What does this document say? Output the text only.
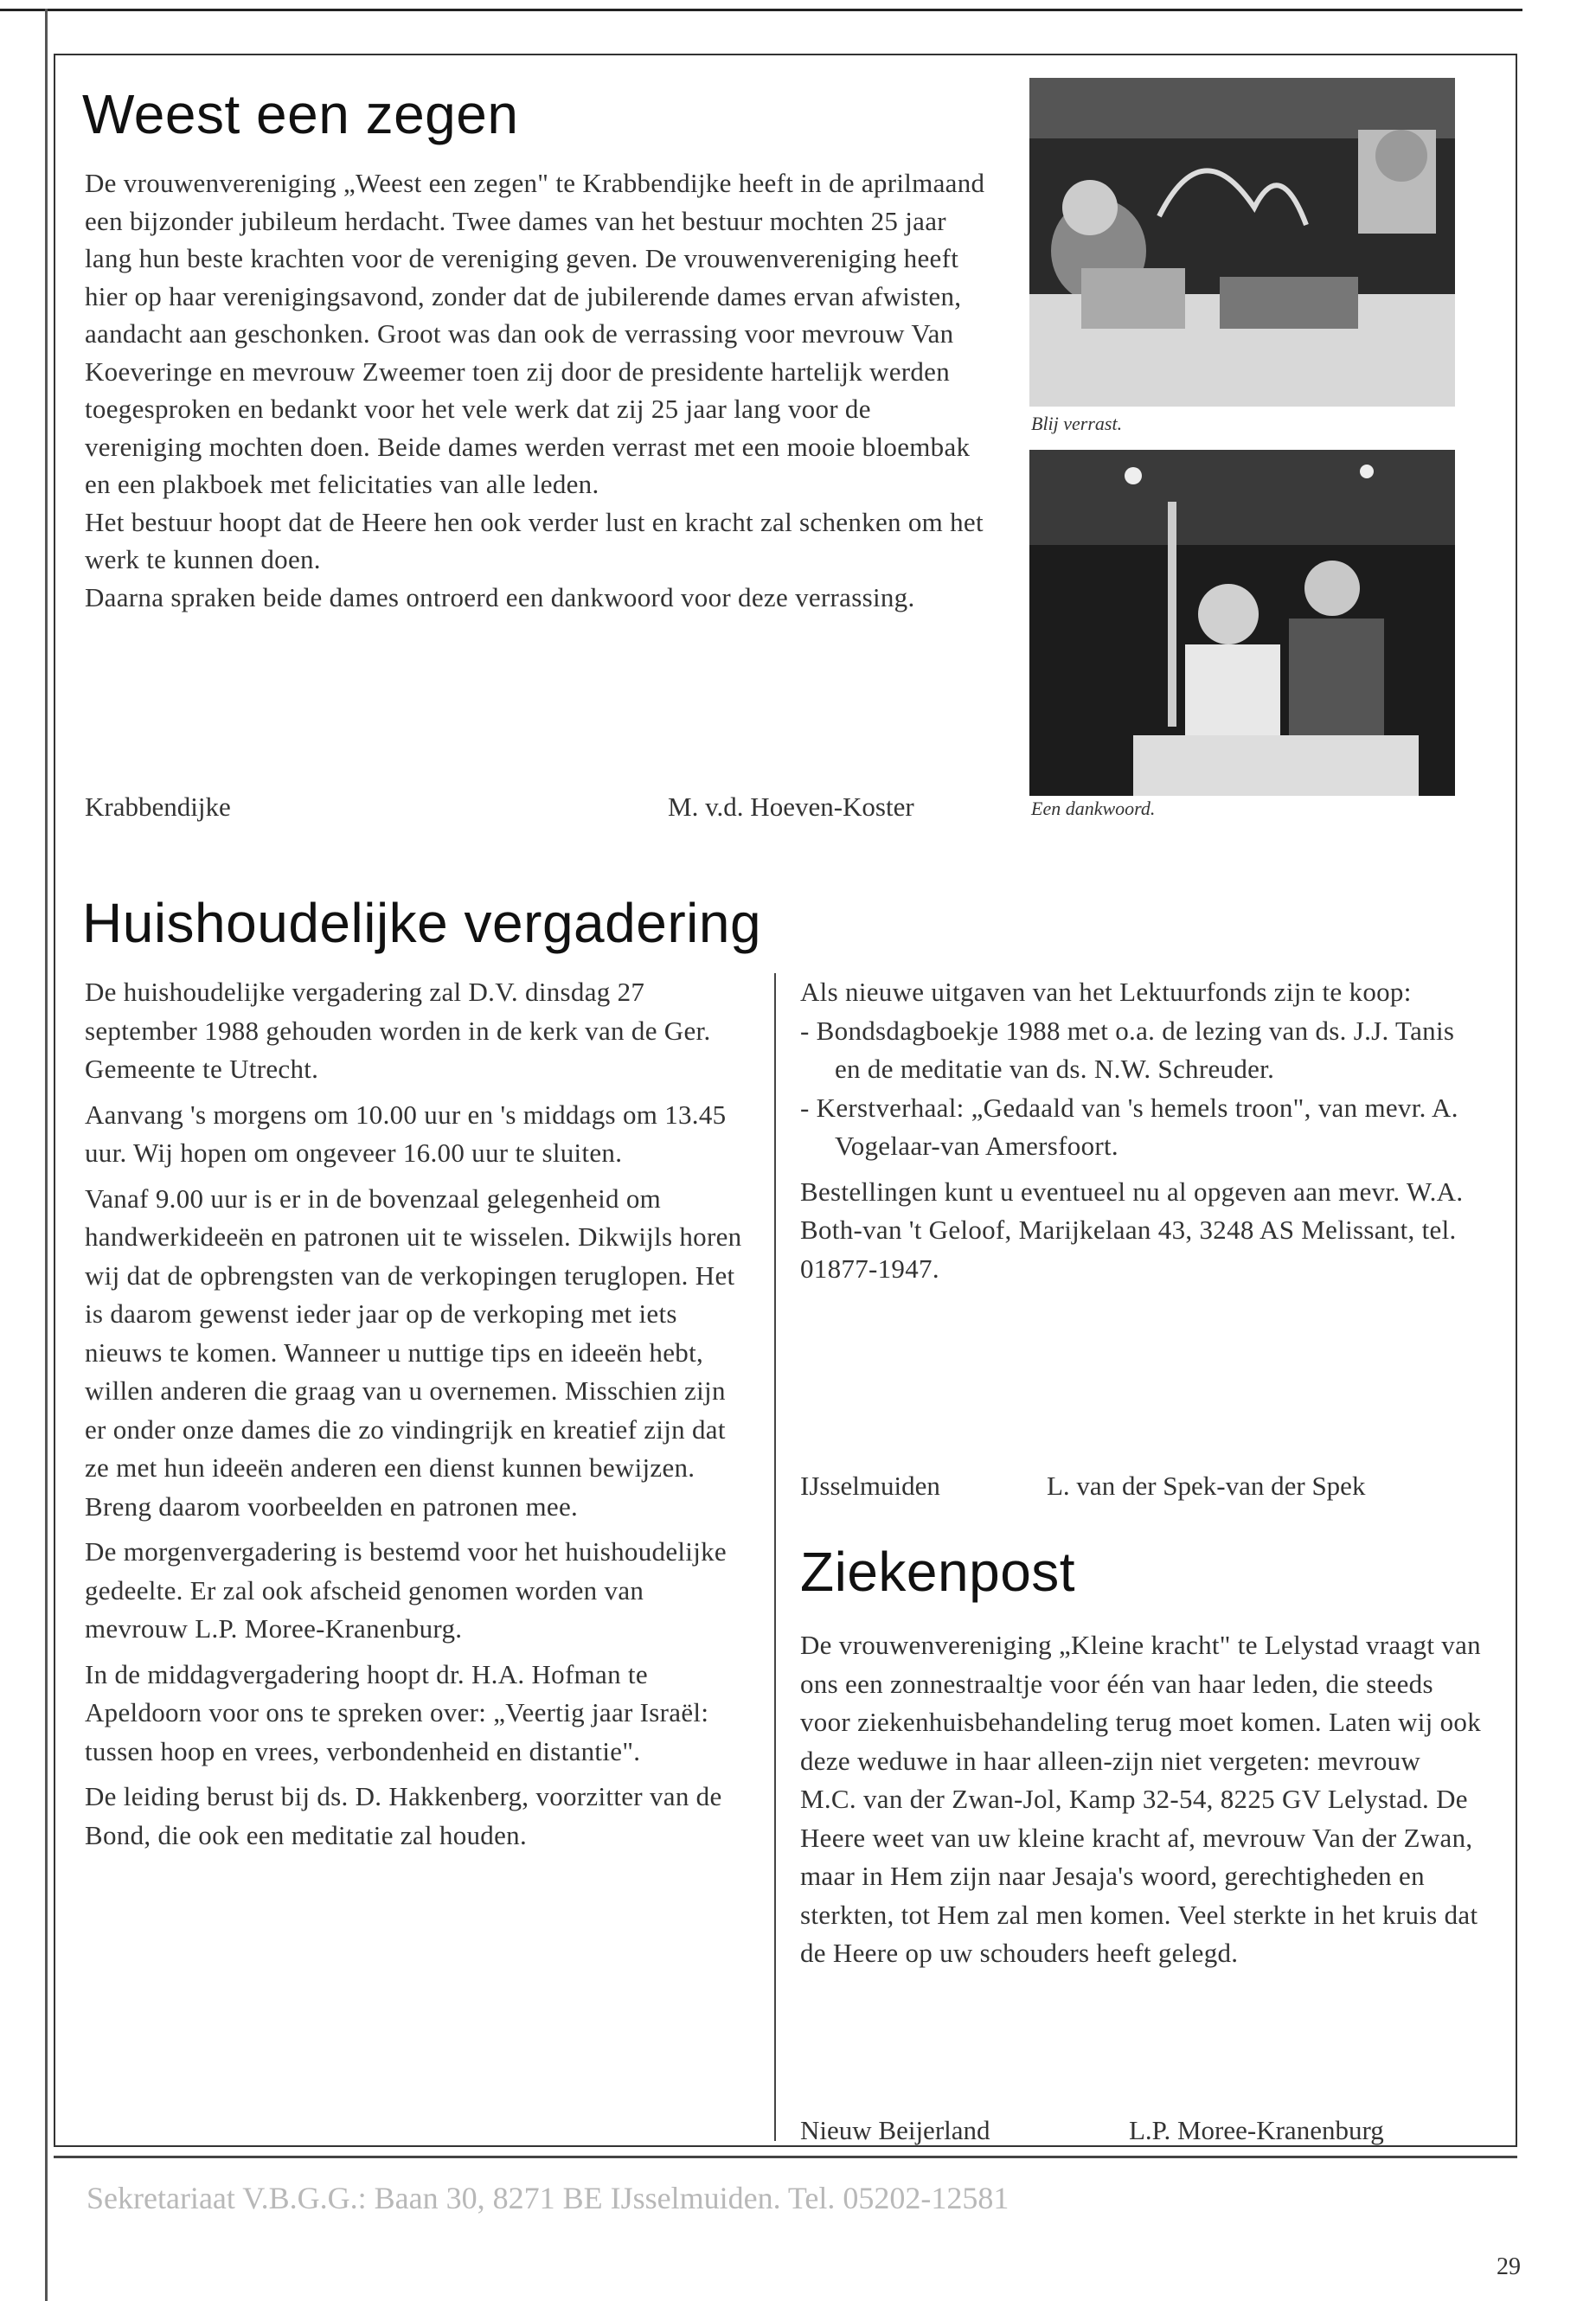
Weest een zegen

De vrouwenvereniging „Weest een zegen" te Krabbendijke heeft in de aprilmaand een bijzonder jubileum herdacht. Twee dames van het bestuur mochten 25 jaar lang hun beste krachten voor de vereniging geven. De vrouwenvereniging heeft hier op haar verenigingsavond, zonder dat de jubilerende dames ervan afwisten, aandacht aan geschonken. Groot was dan ook de verrassing voor mevrouw Van Koeveringe en mevrouw Zweemer toen zij door de presidente hartelijk werden toegesproken en bedankt voor het vele werk dat zij 25 jaar lang voor de vereniging mochten doen. Beide dames werden verrast met een mooie bloembak en een plakboek met felicitaties van alle leden.

Het bestuur hoopt dat de Heere hen ook verder lust en kracht zal schenken om het werk te kunnen doen.

Daarna spraken beide dames ontroerd een dankwoord voor deze verrassing.

Krabbendijke	M. v.d. Hoeven-Koster
Blij verrast.
Een dankwoord.
Huishoudelijke vergadering

De huishoudelijke vergadering zal D.V. dinsdag 27 september 1988 gehouden worden in de kerk van de Ger. Gemeente te Utrecht.

Aanvang 's morgens om 10.00 uur en 's middags om 13.45 uur. Wij hopen om ongeveer 16.00 uur te sluiten.

Vanaf 9.00 uur is er in de bovenzaal gelegenheid om handwerkideeën en patronen uit te wisselen. Dikwijls horen wij dat de opbrengsten van de verkopingen teruglopen. Het is daarom gewenst ieder jaar op de verkoping met iets nieuws te komen. Wanneer u nuttige tips en ideeën hebt, willen anderen die graag van u overnemen. Misschien zijn er onder onze dames die zo vindingrijk en kreatief zijn dat ze met hun ideeën anderen een dienst kunnen bewijzen. Breng daarom voorbeelden en patronen mee.

De morgenvergadering is bestemd voor het huishoudelijke gedeelte. Er zal ook afscheid genomen worden van mevrouw L.P. Moree-Kranenburg.

In de middagvergadering hoopt dr. H.A. Hofman te Apeldoorn voor ons te spreken over: „Veertig jaar Israël: tussen hoop en vrees, verbondenheid en distantie".

De leiding berust bij ds. D. Hakkenberg, voorzitter van de Bond, die ook een meditatie zal houden.

Als nieuwe uitgaven van het Lektuurfonds zijn te koop:

- Bondsdagboekje 1988 met o.a. de lezing van ds. J.J. Tanis en de meditatie van ds. N.W. Schreuder.

- Kerstverhaal: „Gedaald van 's hemels troon", van mevr. A. Vogelaar-van Amersfoort.

Bestellingen kunt u eventueel nu al opgeven aan mevr. W.A. Both-van 't Geloof, Marijkelaan 43, 3248 AS Melissant, tel. 01877-1947.

IJsselmuiden	L. van der Spek-van der Spek
Ziekenpost

De vrouwenvereniging „Kleine kracht" te Lelystad vraagt van ons een zonnestraaltje voor één van haar leden, die steeds voor ziekenhuisbehandeling terug moet komen. Laten wij ook deze weduwe in haar alleen-zijn niet vergeten: mevrouw M.C. van der Zwan-Jol, Kamp 32-54, 8225 GV Lelystad. De Heere weet van uw kleine kracht af, mevrouw Van der Zwan, maar in Hem zijn naar Jesaja's woord, gerechtigheden en sterkten, tot Hem zal men komen. Veel sterkte in het kruis dat de Heere op uw schouders heeft gelegd.

Nieuw Beijerland	L.P. Moree-Kranenburg
Sekretariaat V.B.G.G.: Baan 30, 8271 BE IJsselmuiden. Tel. 05202-12581
29
